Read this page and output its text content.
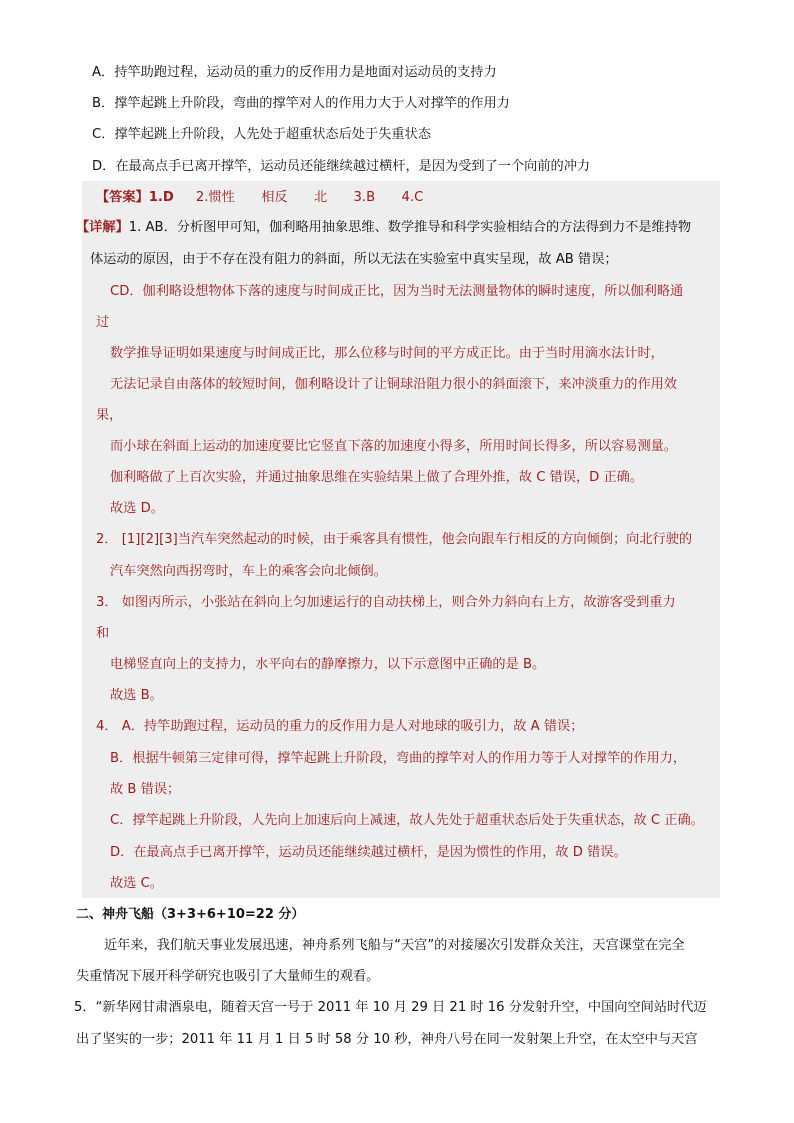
A．持竿助跑过程，运动员的重力的反作用力是地面对运动员的支持力
B．撑竿起跳上升阶段，弯曲的撑竿对人的作用力大于人对撑竿的作用力
C．撑竿起跳上升阶段，人先处于超重状态后处于失重状态
D．在最高点手已离开撑竿，运动员还能继续越过横杆，是因为受到了一个向前的冲力
【答案】1.D 2.惯性　　相反　　北　　3.B　　4.C
【详解】1. AB．分析图甲可知，伽利略用抽象思维、数学推导和科学实验相结合的方法得到力不是维持物
体运动的原因，由于不存在没有阻力的斜面，所以无法在实验室中真实呈现，故 AB 错误；
CD．伽利略设想物体下落的速度与时间成正比，因为当时无法测量物体的瞬时速度，所以伽利略通
过
数学推导证明如果速度与时间成正比，那么位移与时间的平方成正比。由于当时用滴水法计时，
无法记录自由落体的较短时间，伽利略设计了让铜球沿阻力很小的斜面滚下，来冲淡重力的作用效
果，
而小球在斜面上运动的加速度要比它竖直下落的加速度小得多，所用时间长得多，所以容易测量。
伽利略做了上百次实验，并通过抽象思维在实验结果上做了合理外推，故 C 错误，D 正确。
故选 D。
2． [1][2][3]当汽车突然起动的时候，由于乘客具有惯性，他会向跟车行相反的方向倾倒；向北行驶的
汽车突然向西拐弯时，车上的乘客会向北倾倒。
3． 如图丙所示，小张站在斜向上匀加速运行的自动扶梯上，则合外力斜向右上方，故游客受到重力
和
电梯竖直向上的支持力，水平向右的静摩擦力，以下示意图中正确的是 B。
故选 B。
4． A．持竿助跑过程，运动员的重力的反作用力是人对地球的吸引力，故 A 错误；
B．根据牛顿第三定律可得，撑竿起跳上升阶段，弯曲的撑竿对人的作用力等于人对撑竿的作用力，
故 B 错误；
C．撑竿起跳上升阶段，人先向上加速后向上减速，故人先处于超重状态后处于失重状态，故 C 正确。
D．在最高点手已离开撑竿，运动员还能继续越过横杆，是因为惯性的作用，故 D 错误。
故选 C。
二、神舟飞船（3+3+6+10=22 分）
近年来，我们航天事业发展迅速，神舟系列飞船与“天宫”的对接屡次引发群众关注，天宫课堂在完全
失重情况下展开科学研究也吸引了大量师生的观看。
5．“新华网甘肃酒泉电，随着天宫一号于 2011 年 10 月 29 日 21 时 16 分发射升空，中国向空间站时代迈
出了坚实的一步；2011 年 11 月 1 日 5 时 58 分 10 秒，神舟八号在同一发射架上升空，在太空中与天宫
